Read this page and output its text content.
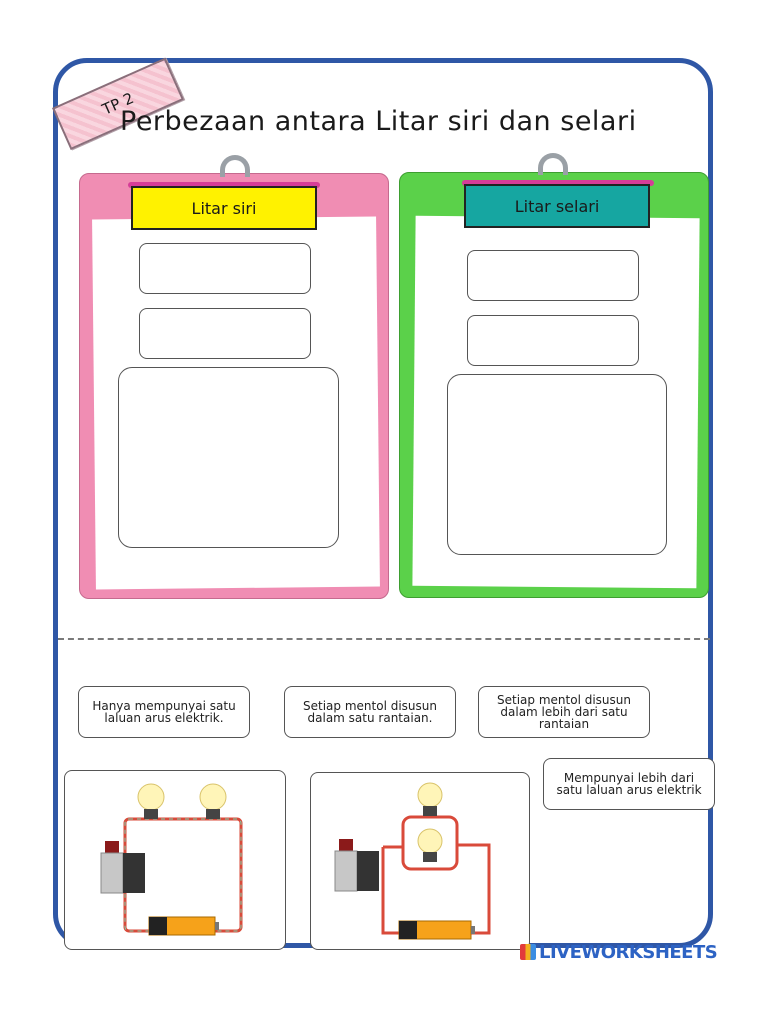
TP 2
Perbezaan antara Litar siri dan selari
Litar siri	Litar selari
Hanya mempunyai satu laluan arus elektrik.
Setiap mentol disusun dalam satu rantaian.
Setiap mentol disusun dalam lebih dari satu rantaian
Mempunyai lebih dari satu laluan arus elektrik
LIVEWORKSHEETS
